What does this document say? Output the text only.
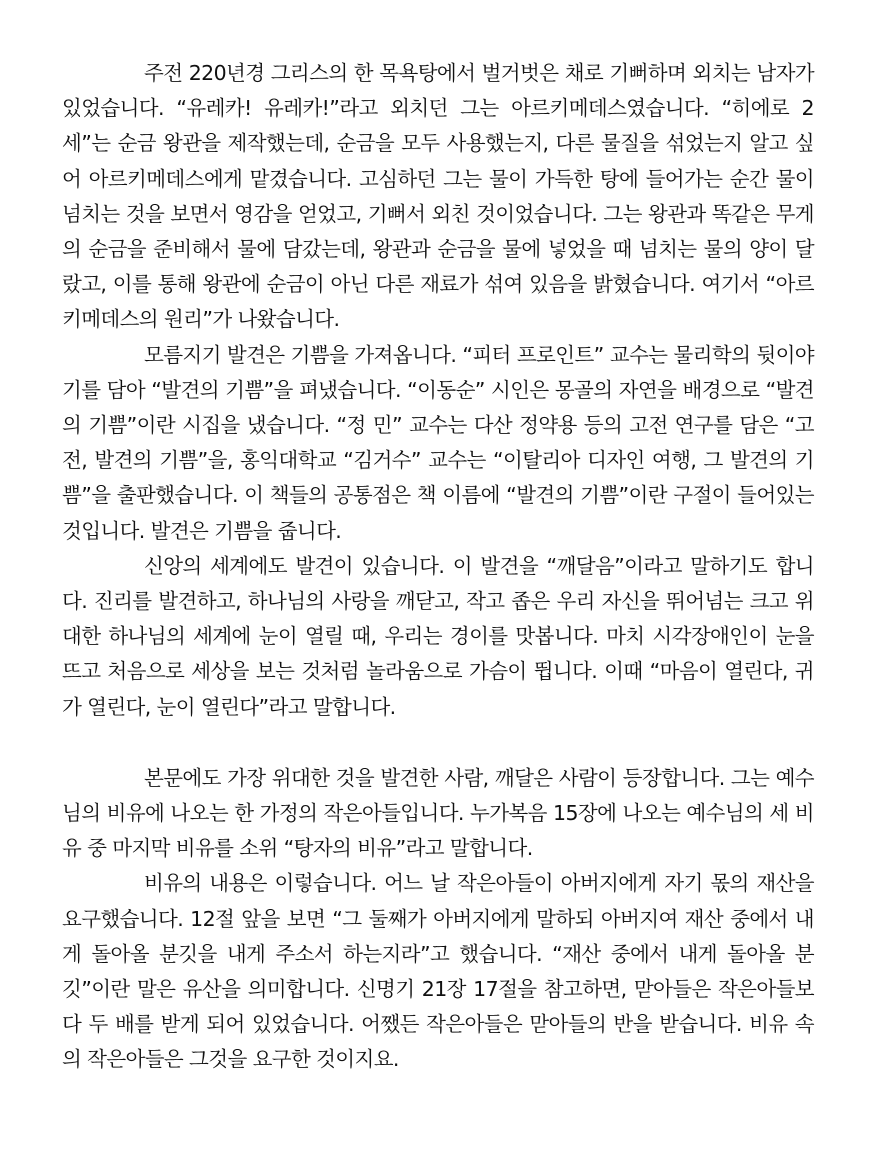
주전 220년경 그리스의 한 목욕탕에서 벌거벗은 채로 기뻐하며 외치는 남자가 있었습니다. “유레카! 유레카!”라고 외치던 그는 아르키메데스였습니다. “히에로 2세”는 순금 왕관을 제작했는데, 순금을 모두 사용했는지, 다른 물질을 섞었는지 알고 싶어 아르키메데스에게 맡겼습니다. 고심하던 그는 물이 가득한 탕에 들어가는 순간 물이 넘치는 것을 보면서 영감을 얻었고, 기뻐서 외친 것이었습니다. 그는 왕관과 똑같은 무게의 순금을 준비해서 물에 담갔는데, 왕관과 순금을 물에 넣었을 때 넘치는 물의 양이 달랐고, 이를 통해 왕관에 순금이 아닌 다른 재료가 섞여 있음을 밝혔습니다. 여기서 “아르키메데스의 원리”가 나왔습니다.

모름지기 발견은 기쁨을 가져옵니다. “피터 프로인트” 교수는 물리학의 뒷이야기를 담아 “발견의 기쁨”을 펴냈습니다. “이동순” 시인은 몽골의 자연을 배경으로 “발견의 기쁨”이란 시집을 냈습니다. “정 민” 교수는 다산 정약용 등의 고전 연구를 담은 “고전, 발견의 기쁨”을, 홍익대학교 “김거수” 교수는 “이탈리아 디자인 여행, 그 발견의 기쁨”을 출판했습니다. 이 책들의 공통점은 책 이름에 “발견의 기쁨”이란 구절이 들어있는 것입니다. 발견은 기쁨을 줍니다.

신앙의 세계에도 발견이 있습니다. 이 발견을 “깨달음”이라고 말하기도 합니다. 진리를 발견하고, 하나님의 사랑을 깨닫고, 작고 좁은 우리 자신을 뛰어넘는 크고 위대한 하나님의 세계에 눈이 열릴 때, 우리는 경이를 맛봅니다. 마치 시각장애인이 눈을 뜨고 처음으로 세상을 보는 것처럼 놀라움으로 가슴이 뜁니다. 이때 “마음이 열린다, 귀가 열린다, 눈이 열린다”라고 말합니다.

본문에도 가장 위대한 것을 발견한 사람, 깨달은 사람이 등장합니다. 그는 예수님의 비유에 나오는 한 가정의 작은아들입니다. 누가복음 15장에 나오는 예수님의 세 비유 중 마지막 비유를 소위 “탕자의 비유”라고 말합니다.

비유의 내용은 이렇습니다. 어느 날 작은아들이 아버지에게 자기 몫의 재산을 요구했습니다. 12절 앞을 보면 “그 둘째가 아버지에게 말하되 아버지여 재산 중에서 내게 돌아올 분깃을 내게 주소서 하는지라”고 했습니다. “재산 중에서 내게 돌아올 분깃”이란 말은 유산을 의미합니다. 신명기 21장 17절을 참고하면, 맏아들은 작은아들보다 두 배를 받게 되어 있었습니다. 어쨌든 작은아들은 맏아들의 반을 받습니다. 비유 속의 작은아들은 그것을 요구한 것이지요.
